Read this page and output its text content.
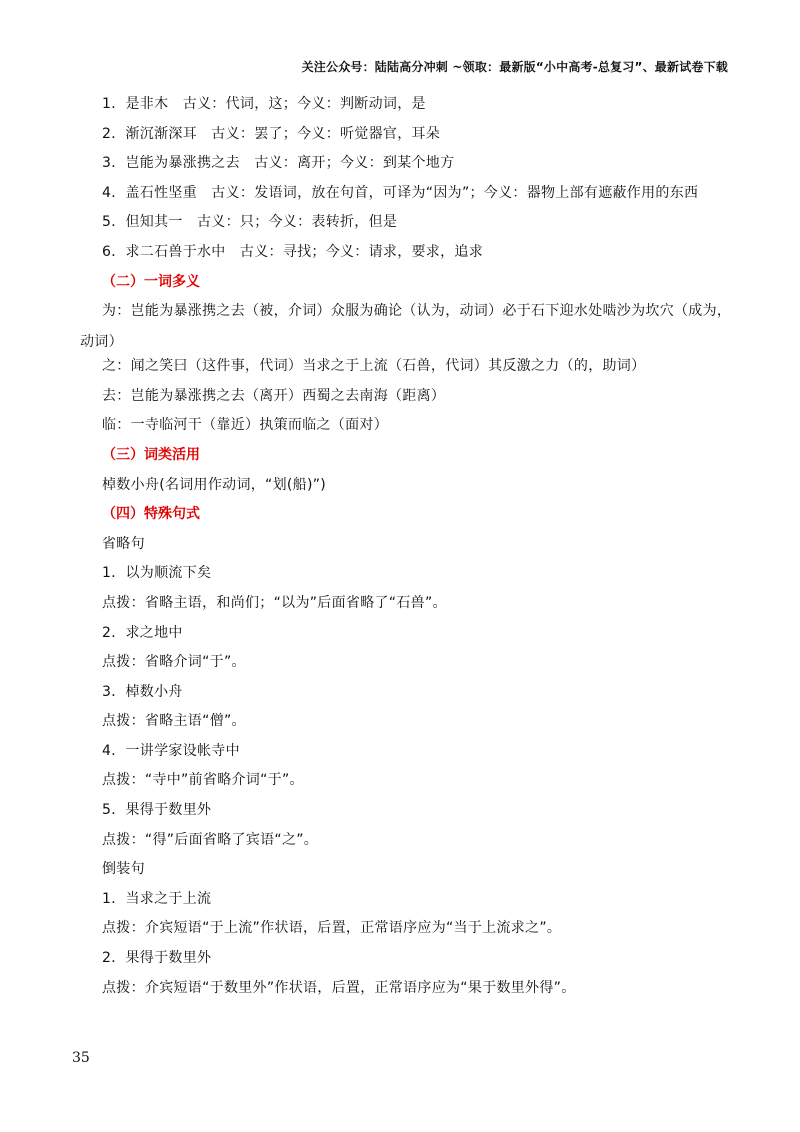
关注公众号：陆陆高分冲刺 ~领取：最新版“小中高考-总复习”、最新试卷下载
1．是非木　古义：代词，这；今义：判断动词，是
2．渐沉渐深耳　古义：罢了；今义：听觉器官，耳朵
3．岂能为暴涨携之去　古义：离开；今义：到某个地方
4．盖石性坚重　古义：发语词，放在句首，可译为“因为”；今义：器物上部有遮蔽作用的东西
5．但知其一　古义：只；今义：表转折，但是
6．求二石兽于水中　古义：寻找；今义：请求，要求，追求
（二）一词多义
为：岂能为暴涨携之去（被，介词）众服为确论（认为，动词）必于石下迎水处啮沙为坎穴（成为，动词）
之：闻之笑曰（这件事，代词）当求之于上流（石兽，代词）其反激之力（的，助词）
去：岂能为暴涨携之去（离开）西蜀之去南海（距离）
临：一寺临河干（靠近）执策而临之（面对）
（三）词类活用
棹数小舟(名词用作动词，“划(船)”)
（四）特殊句式
省略句
1．以为顺流下矣
点拨：省略主语，和尚们；“以为”后面省略了“石兽”。
2．求之地中
点拨：省略介词“于”。
3．棹数小舟
点拨：省略主语“僧”。
4．一讲学家设帐寺中
点拨：“寺中”前省略介词“于”。
5．果得于数里外
点拨：“得”后面省略了宾语“之”。
倒装句
1．当求之于上流
点拨：介宾短语“于上流”作状语，后置，正常语序应为“当于上流求之”。
2．果得于数里外
点拨：介宾短语“于数里外”作状语，后置，正常语序应为“果于数里外得”。
35
